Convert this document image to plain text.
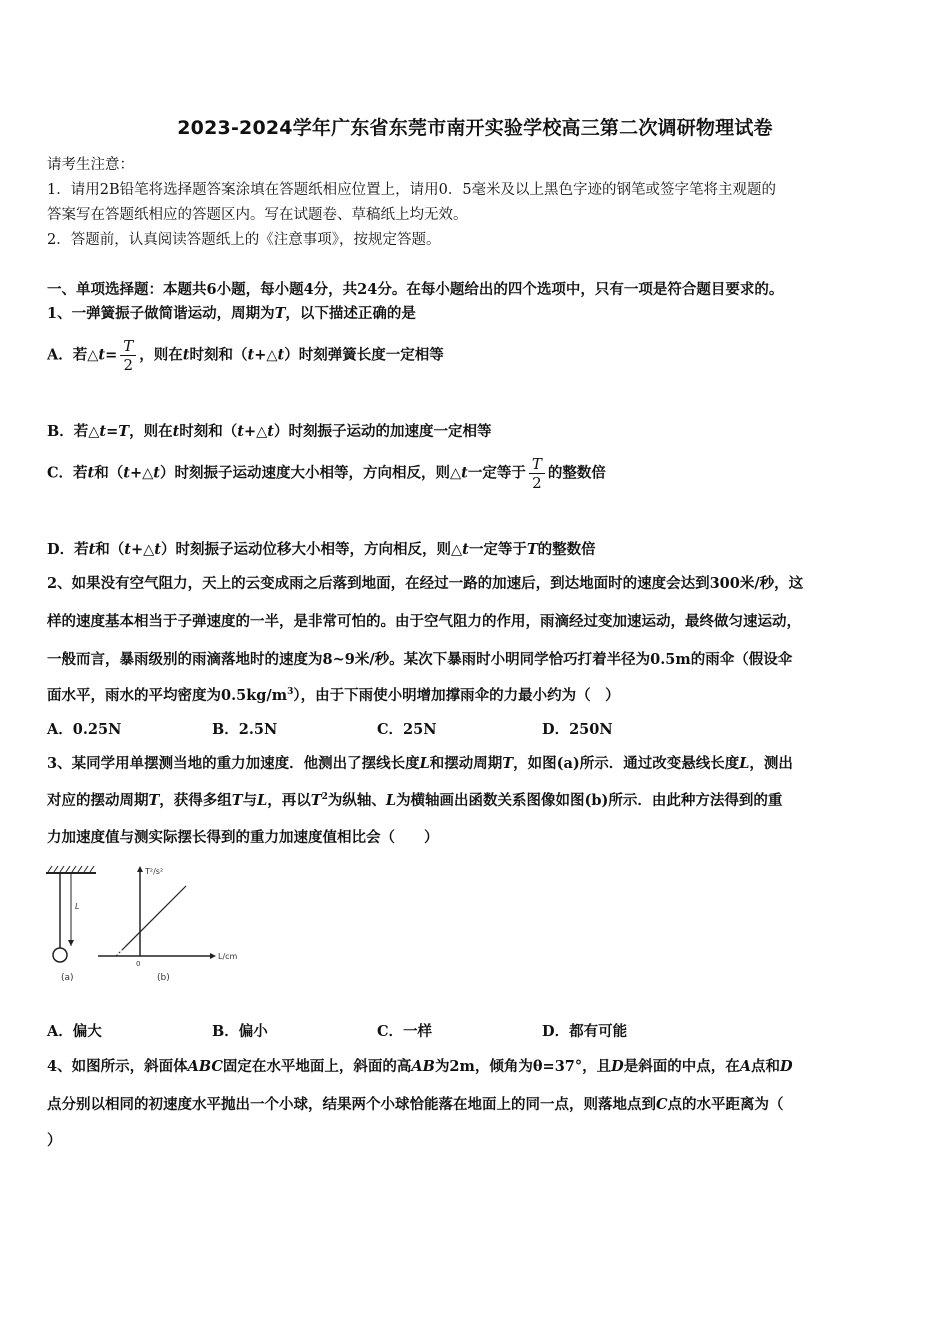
2023-2024学年广东省东莞市南开实验学校高三第二次调研物理试卷
请考生注意：
1．请用2B铅笔将选择题答案涂填在答题纸相应位置上，请用0．5毫米及以上黑色字迹的钢笔或签字笔将主观题的
答案写在答题纸相应的答题区内。写在试题卷、草稿纸上均无效。
2．答题前，认真阅读答题纸上的《注意事项》，按规定答题。
一、单项选择题：本题共6小题，每小题4分，共24分。在每小题给出的四个选项中，只有一项是符合题目要求的。
1、一弹簧振子做简谐运动，周期为T，以下描述正确的是
A．若△t= $\frac{T}{2}$ ，则在t时刻和（t+△t）时刻弹簧长度一定相等
B．若△t=T，则在t时刻和（t+△t）时刻振子运动的加速度一定相等
C．若t和（t+△t）时刻振子运动速度大小相等，方向相反，则△t一定等于 $\frac{T}{2}$ 的整数倍
D．若t和（t+△t）时刻振子运动位移大小相等，方向相反，则△t一定等于T的整数倍
2、如果没有空气阻力，天上的云变成雨之后落到地面，在经过一路的加速后，到达地面时的速度会达到300米/秒，这
样的速度基本相当于子弹速度的一半，是非常可怕的。由于空气阻力的作用，雨滴经过变加速运动，最终做匀速运动，
一般而言，暴雨级别的雨滴落地时的速度为8~9米/秒。某次下暴雨时小明同学恰巧打着半径为0.5m的雨伞（假设伞
面水平，雨水的平均密度为$0.5kg/m^3$），由于下雨使小明增加撑雨伞的力最小约为（　）
A．0.25N	B．2.5N	C．25N	D．250N
3、某同学用单摆测当地的重力加速度．他测出了摆线长度L和摆动周期T，如图(a)所示．通过改变悬线长度L，测出
对应的摆动周期T，获得多组T与L，再以$T^2$为纵轴、L为横轴画出函数关系图像如图(b)所示．由此种方法得到的重
力加速度值与测实际摆长得到的重力加速度值相比会（　　）
L
(a)
T²/s²
L/cm
0
(b)
A．偏大	B．偏小	C．一样	D．都有可能
4、如图所示，斜面体ABC固定在水平地面上，斜面的高AB为2m，倾角为θ=37°，且D是斜面的中点，在A点和D
点分别以相同的初速度水平抛出一个小球，结果两个小球恰能落在地面上的同一点，则落地点到C点的水平距离为（
）
